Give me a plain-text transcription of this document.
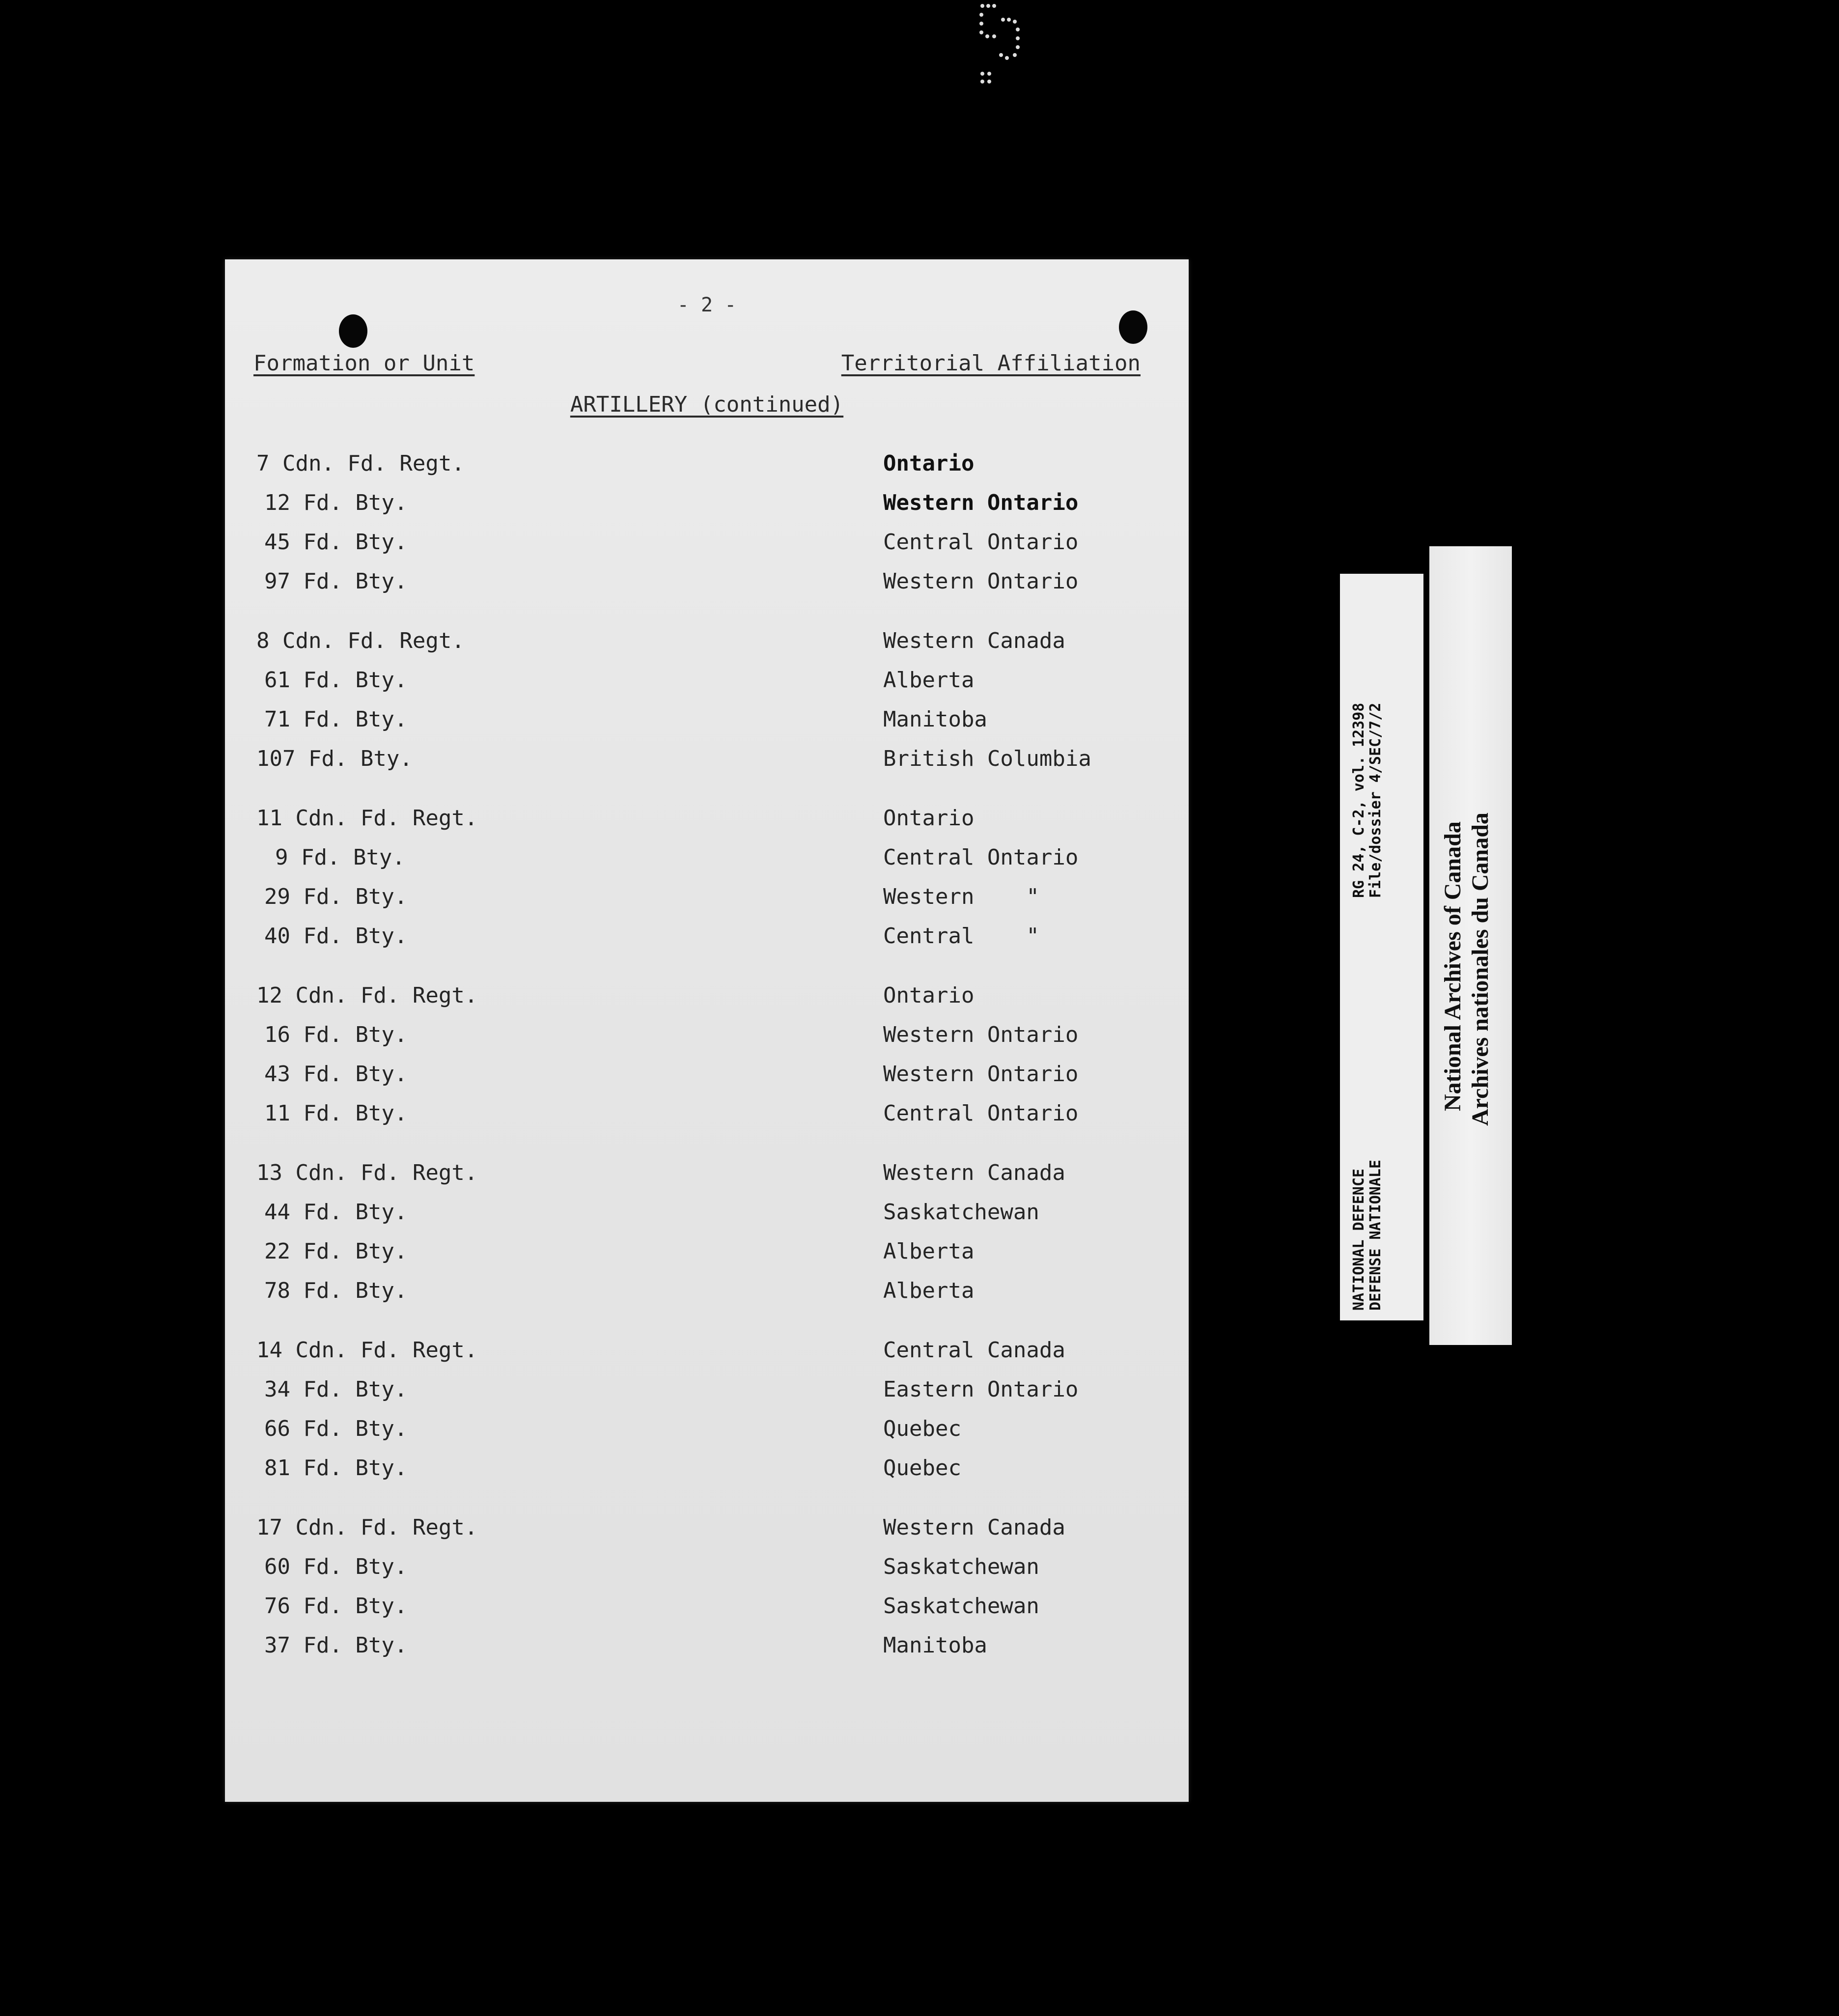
- 2 -
Formation or Unit	Territorial Affiliation
ARTILLERY (continued)
7 Cdn. Fd. Regt.	Ontario
12 Fd. Bty.	Western Ontario
45 Fd. Bty.	Central Ontario
97 Fd. Bty.	Western Ontario
8 Cdn. Fd. Regt.	Western Canada
61 Fd. Bty.	Alberta
71 Fd. Bty.	Manitoba
107 Fd. Bty.	British Columbia
11 Cdn. Fd. Regt.	Ontario
9 Fd. Bty.	Central Ontario
29 Fd. Bty.	Western    "
40 Fd. Bty.	Central    "
12 Cdn. Fd. Regt.	Ontario
16 Fd. Bty.	Western Ontario
43 Fd. Bty.	Western Ontario
11 Fd. Bty.	Central Ontario
13 Cdn. Fd. Regt.	Western Canada
44 Fd. Bty.	Saskatchewan
22 Fd. Bty.	Alberta
78 Fd. Bty.	Alberta
14 Cdn. Fd. Regt.	Central Canada
34 Fd. Bty.	Eastern Ontario
66 Fd. Bty.	Quebec
81 Fd. Bty.	Quebec
17 Cdn. Fd. Regt.	Western Canada
60 Fd. Bty.	Saskatchewan
76 Fd. Bty.	Saskatchewan
37 Fd. Bty.	Manitoba
RG 24, C-2, vol. 12398 File/dossier 4/SEC/7/2
NATIONAL DEFENCE DEFENSE NATIONALE
National Archives of Canada Archives nationales du Canada
